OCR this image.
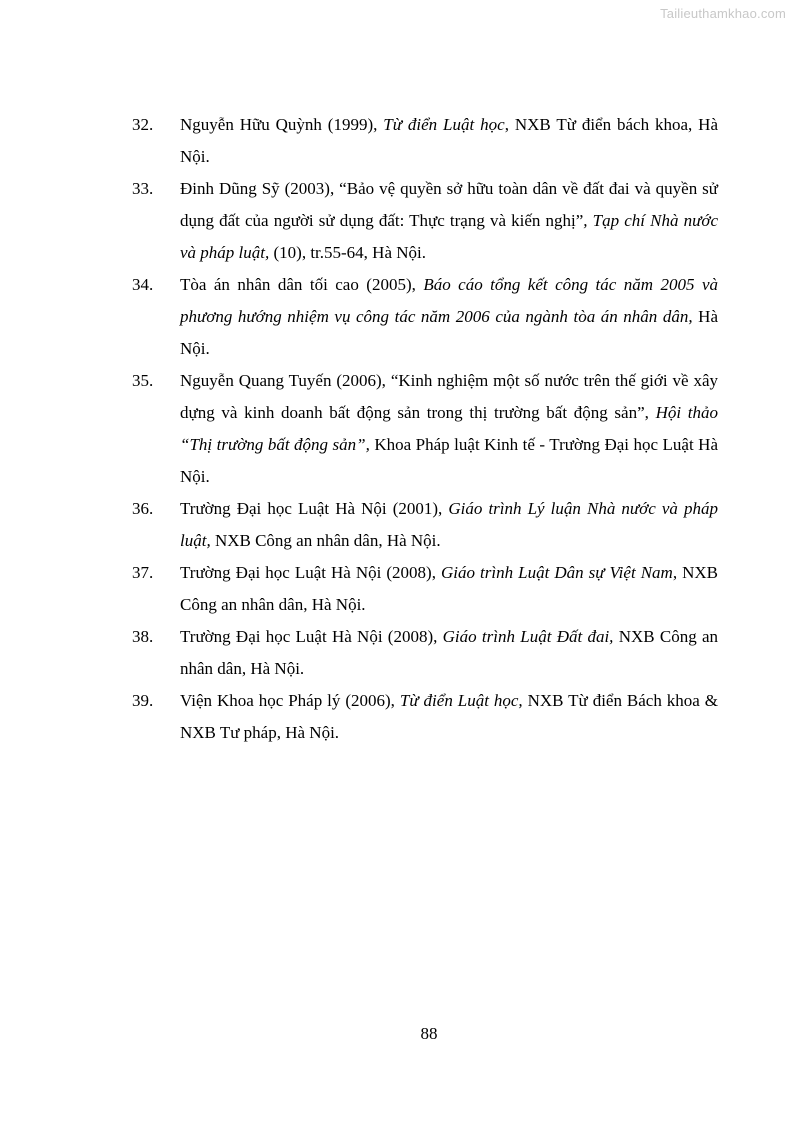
Tailieuthamkhao.com

32. Nguyễn Hữu Quỳnh (1999), Từ điển Luật học, NXB Từ điển bách khoa, Hà Nội.

33. Đinh Dũng Sỹ (2003), “Bảo vệ quyền sở hữu toàn dân về đất đai và quyền sử dụng đất của người sử dụng đất: Thực trạng và kiến nghị”, Tạp chí Nhà nước và pháp luật, (10), tr.55-64, Hà Nội.

34. Tòa án nhân dân tối cao (2005), Báo cáo tổng kết công tác năm 2005 và phương hướng nhiệm vụ công tác năm 2006 của ngành tòa án nhân dân, Hà Nội.

35. Nguyễn Quang Tuyến (2006), “Kinh nghiệm một số nước trên thế giới về xây dựng và kinh doanh bất động sản trong thị trường bất động sản”, Hội thảo “Thị trường bất động sản”, Khoa Pháp luật Kinh tế - Trường Đại học Luật Hà Nội.

36. Trường Đại học Luật Hà Nội (2001), Giáo trình Lý luận Nhà nước và pháp luật, NXB Công an nhân dân, Hà Nội.

37. Trường Đại học Luật Hà Nội (2008), Giáo trình Luật Dân sự Việt Nam, NXB Công an nhân dân, Hà Nội.

38. Trường Đại học Luật Hà Nội (2008), Giáo trình Luật Đất đai, NXB Công an nhân dân, Hà Nội.

39. Viện Khoa học Pháp lý (2006), Từ điển Luật học, NXB Từ điển Bách khoa & NXB Tư pháp, Hà Nội.

88
